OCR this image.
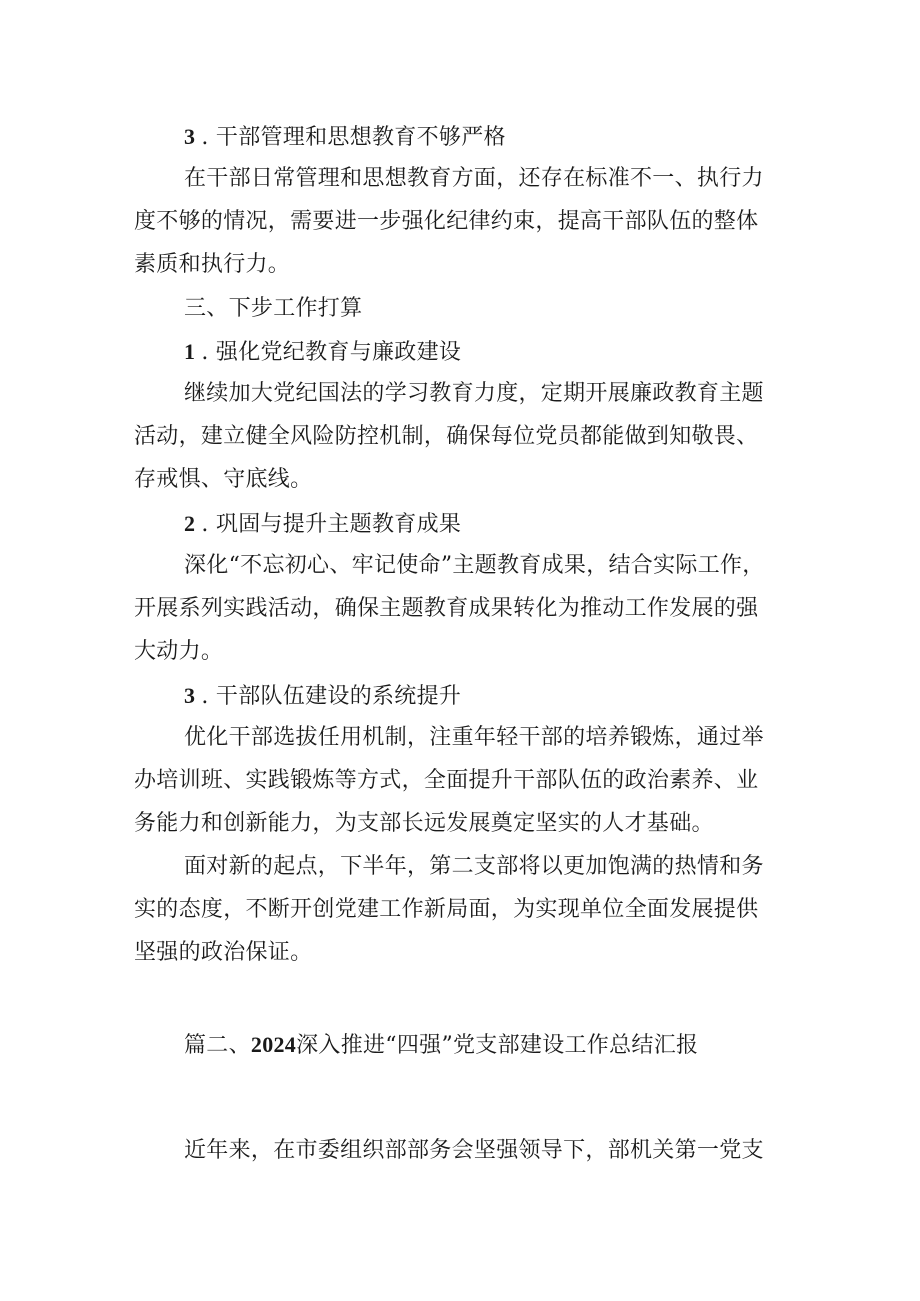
3 . 干部管理和思想教育不够严格
在干部日常管理和思想教育方面，还存在标准不一、执行力
度不够的情况，需要进一步强化纪律约束，提高干部队伍的整体
素质和执行力。
三、下步工作打算
1 . 强化党纪教育与廉政建设
继续加大党纪国法的学习教育力度，定期开展廉政教育主题
活动，建立健全风险防控机制，确保每位党员都能做到知敬畏、
存戒惧、守底线。
2 . 巩固与提升主题教育成果
深化“不忘初心、牢记使命”主题教育成果，结合实际工作，
开展系列实践活动，确保主题教育成果转化为推动工作发展的强
大动力。
3 . 干部队伍建设的系统提升
优化干部选拔任用机制，注重年轻干部的培养锻炼，通过举
办培训班、实践锻炼等方式，全面提升干部队伍的政治素养、业
务能力和创新能力，为支部长远发展奠定坚实的人才基础。
面对新的起点，下半年，第二支部将以更加饱满的热情和务
实的态度，不断开创党建工作新局面，为实现单位全面发展提供
坚强的政治保证。
篇二、2024深入推进“四强”党支部建设工作总结汇报
近年来，在市委组织部部务会坚强领导下，部机关第一党支
